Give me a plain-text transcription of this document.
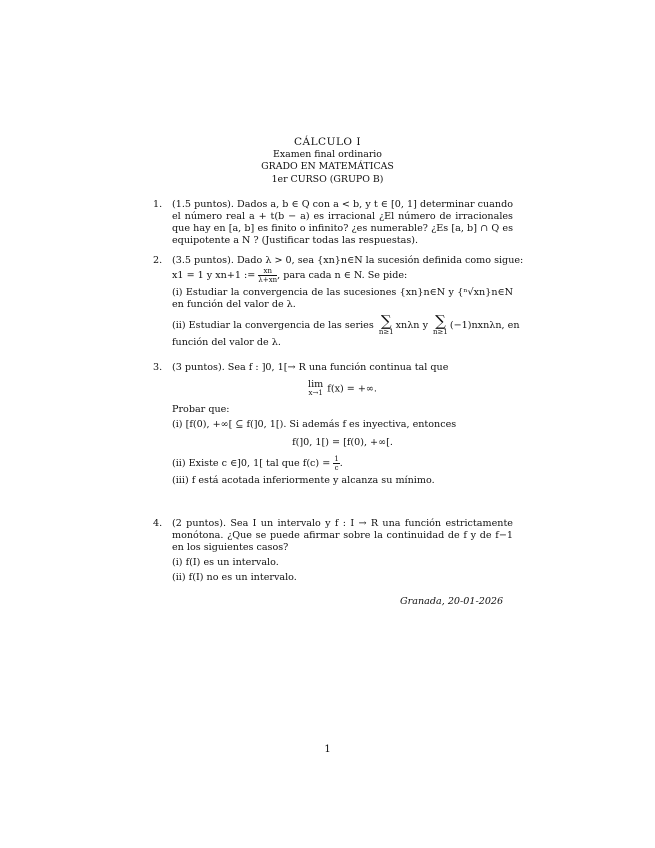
CÁLCULO I
Examen final ordinario
GRADO EN MATEMÁTICAS
1er CURSO (GRUPO B)
1. (1.5 puntos). Dados a, b ∈ Q con a < b, y t ∈ [0, 1] determinar cuando el número real a + t(b − a) es irracional ¿El número de irracionales que hay en [a, b] es finito o infinito? ¿es numerable? ¿Es [a, b] ∩ Q es equipotente a N ? (Justificar todas las respuestas).
2. (3.5 puntos). Dado λ > 0, sea {xn}n∈N la sucesión definida como sigue:
x1 = 1 y xn+1 := $\frac{xn}{\lambda+xn}$ , para cada n ∈ N. Se pide:
(i) Estudiar la convergencia de las sucesiones {xn}n∈N y {ⁿ√xn}n∈N en función del valor de λ.
(ii) Estudiar la convergencia de las series ∑
n≥1
xnλn y ∑
n≥1
(−1)nxnλn, en
función del valor de λ.
3. (3 puntos). Sea f : ]0, 1[→ R una función continua tal que
lim
x→1 f(x) = +∞.
Probar que:
(i) [f(0), +∞[ ⊆ f(]0, 1[). Si además f es inyectiva, entonces
f(]0, 1[) = [f(0), +∞[.
(ii) Existe c ∈]0, 1[ tal que $f(c) = \frac{1}{c}$ .
(iii) f está acotada inferiormente y alcanza su mínimo.
4. (2 puntos). Sea I un intervalo y f : I → R una función estrictamente monótona. ¿Que se puede afirmar sobre la continuidad de f y de f−1 en los siguientes casos?
(i) f(I) es un intervalo.
(ii) f(I) no es un intervalo.
Granada, 20-01-2026
1
